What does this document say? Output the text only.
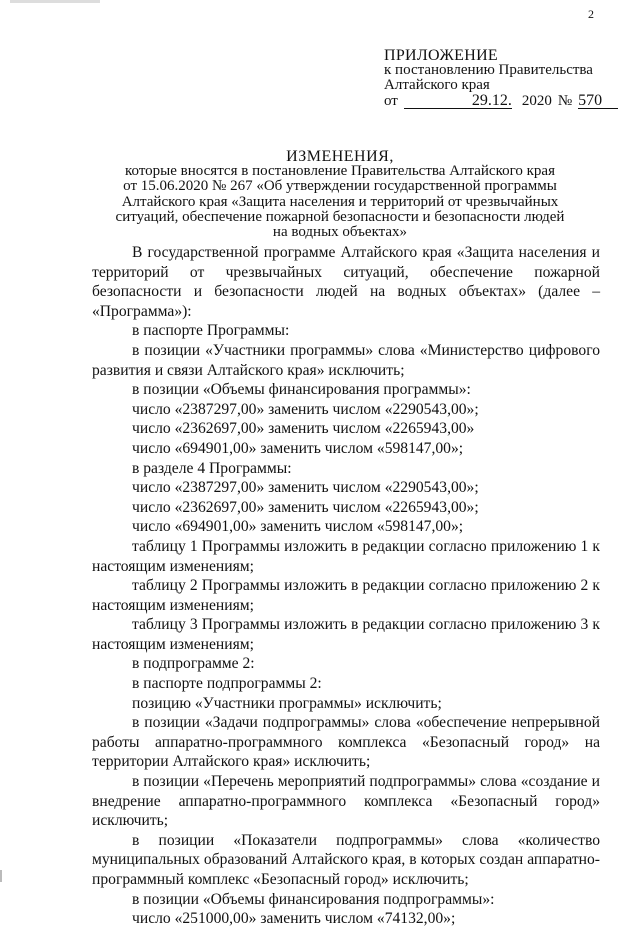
2
ПРИЛОЖЕНИЕ
к постановлению Правительства
Алтайского края
от	29.12. 2020 № 570
ИЗМЕНЕНИЯ,
которые вносятся в постановление Правительства Алтайского края
от 15.06.2020 № 267 «Об утверждении государственной программы
Алтайского края «Защита населения и территорий от чрезвычайных
ситуаций, обеспечение пожарной безопасности и безопасности людей
на водных объектах»

В государственной программе Алтайского края «Защита населения и территорий от чрезвычайных ситуаций, обеспечение пожарной безопасности и безопасности людей на водных объектах» (далее – «Программа»):

в паспорте Программы:

в позиции «Участники программы» слова «Министерство цифрового развития и связи Алтайского края» исключить;

в позиции «Объемы финансирования программы»:

число «2387297,00» заменить числом «2290543,00»;

число «2362697,00» заменить числом «2265943,00»

число «694901,00» заменить числом «598147,00»;

в разделе 4 Программы:

число «2387297,00» заменить числом «2290543,00»;

число «2362697,00» заменить числом «2265943,00»;

число «694901,00» заменить числом «598147,00»;

таблицу 1 Программы изложить в редакции согласно приложению 1 к настоящим изменениям;

таблицу 2 Программы изложить в редакции согласно приложению 2 к настоящим изменениям;

таблицу 3 Программы изложить в редакции согласно приложению 3 к настоящим изменениям;

в подпрограмме 2:

в паспорте подпрограммы 2:

позицию «Участники программы» исключить;

в позиции «Задачи подпрограммы» слова «обеспечение непрерывной работы аппаратно-программного комплекса «Безопасный город» на территории Алтайского края» исключить;

в позиции «Перечень мероприятий подпрограммы» слова «создание и внедрение аппаратно-программного комплекса «Безопасный город» исключить;

в позиции «Показатели подпрограммы» слова «количество муниципальных образований Алтайского края, в которых создан аппаратно-программный комплекс «Безопасный город» исключить;

в позиции «Объемы финансирования подпрограммы»:

число «251000,00» заменить числом «74132,00»;
